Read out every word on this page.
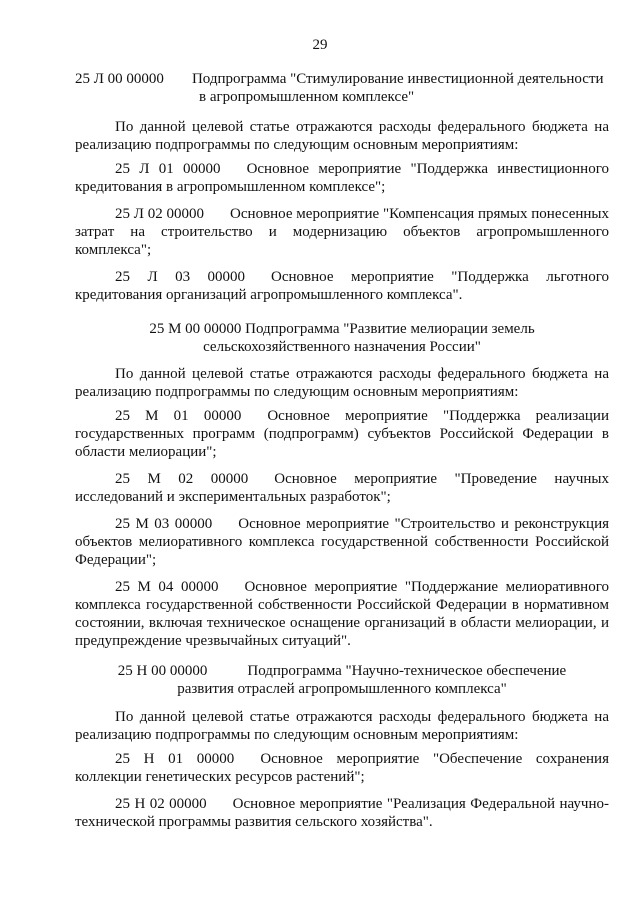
29
25 Л 00 00000 Подпрограмма "Стимулирование инвестиционной деятельности
в агропромышленном комплексе"
По данной целевой статье отражаются расходы федерального бюджета на реализацию подпрограммы по следующим основным мероприятиям:
25 Л 01 00000 Основное мероприятие "Поддержка инвестиционного кредитования в агропромышленном комплексе";
25 Л 02 00000 Основное мероприятие "Компенсация прямых понесенных затрат на строительство и модернизацию объектов агропромышленного комплекса";
25 Л 03 00000 Основное мероприятие "Поддержка льготного кредитования организаций агропромышленного комплекса".
25 М 00 00000 Подпрограмма "Развитие мелиорации земель
сельскохозяйственного назначения России"
По данной целевой статье отражаются расходы федерального бюджета на реализацию подпрограммы по следующим основным мероприятиям:
25 М 01 00000 Основное мероприятие "Поддержка реализации государственных программ (подпрограмм) субъектов Российской Федерации в области мелиорации";
25 М 02 00000 Основное мероприятие "Проведение научных исследований и экспериментальных разработок";
25 М 03 00000 Основное мероприятие "Строительство и реконструкция объектов мелиоративного комплекса государственной собственности Российской Федерации";
25 М 04 00000 Основное мероприятие "Поддержание мелиоративного комплекса государственной собственности Российской Федерации в нормативном состоянии, включая техническое оснащение организаций в области мелиорации, и предупреждение чрезвычайных ситуаций".
25 Н 00 00000	Подпрограмма "Научно-техническое обеспечение
развития отраслей агропромышленного комплекса"
По данной целевой статье отражаются расходы федерального бюджета на реализацию подпрограммы по следующим основным мероприятиям:
25 Н 01 00000 Основное мероприятие "Обеспечение сохранения коллекции генетических ресурсов растений";
25 Н 02 00000 Основное мероприятие "Реализация Федеральной научно-технической программы развития сельского хозяйства".
